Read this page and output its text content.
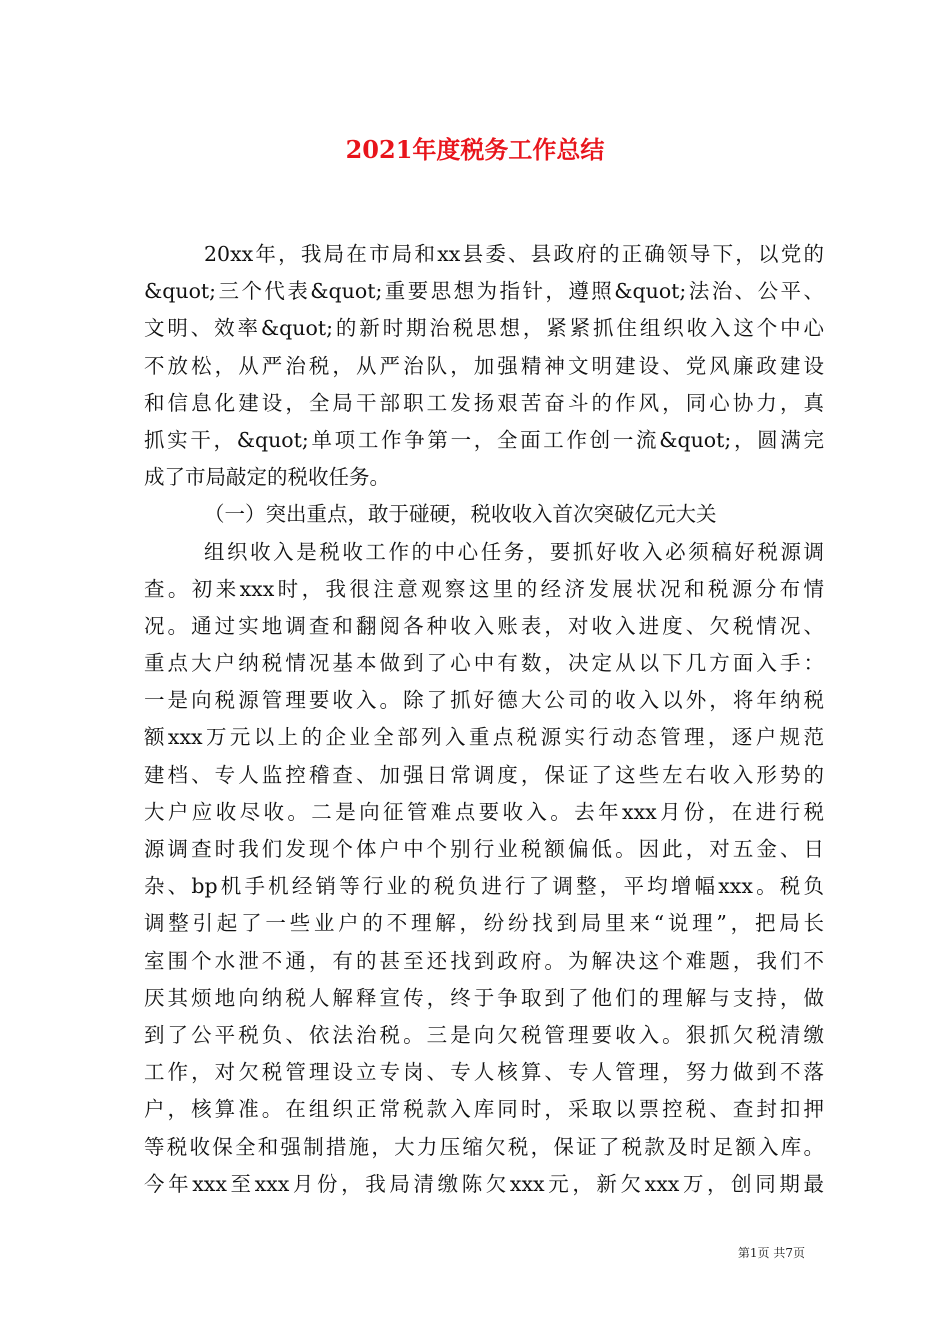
2021年度税务工作总结
20xx年，我局在市局和xx县委、县政府的正确领导下，以党的
&quot;三个代表&quot;重要思想为指针，遵照&quot;法治、公平、
文明、效率&quot;的新时期治税思想，紧紧抓住组织收入这个中心
不放松，从严治税，从严治队，加强精神文明建设、党风廉政建设
和信息化建设，全局干部职工发扬艰苦奋斗的作风，同心协力，真
抓实干，&quot;单项工作争第一，全面工作创一流&quot;，圆满完
成了市局敲定的税收任务。
（一）突出重点，敢于碰硬，税收收入首次突破亿元大关
组织收入是税收工作的中心任务，要抓好收入必须稿好税源调
查。初来xxx时，我很注意观察这里的经济发展状况和税源分布情
况。通过实地调查和翻阅各种收入账表，对收入进度、欠税情况、
重点大户纳税情况基本做到了心中有数，决定从以下几方面入手：
一是向税源管理要收入。除了抓好德大公司的收入以外，将年纳税
额xxx万元以上的企业全部列入重点税源实行动态管理，逐户规范
建档、专人监控稽查、加强日常调度，保证了这些左右收入形势的
大户应收尽收。二是向征管难点要收入。去年xxx月份，在进行税
源调查时我们发现个体户中个别行业税额偏低。因此，对五金、日
杂、bp机手机经销等行业的税负进行了调整，平均增幅xxx。税负
调整引起了一些业户的不理解，纷纷找到局里来“说理”，把局长
室围个水泄不通，有的甚至还找到政府。为解决这个难题，我们不
厌其烦地向纳税人解释宣传，终于争取到了他们的理解与支持，做
到了公平税负、依法治税。三是向欠税管理要收入。狠抓欠税清缴
工作，对欠税管理设立专岗、专人核算、专人管理，努力做到不落
户，核算准。在组织正常税款入库同时，采取以票控税、查封扣押
等税收保全和强制措施，大力压缩欠税，保证了税款及时足额入库。
今年xxx至xxx月份，我局清缴陈欠xxx元，新欠xxx万，创同期最
第1页 共7页
